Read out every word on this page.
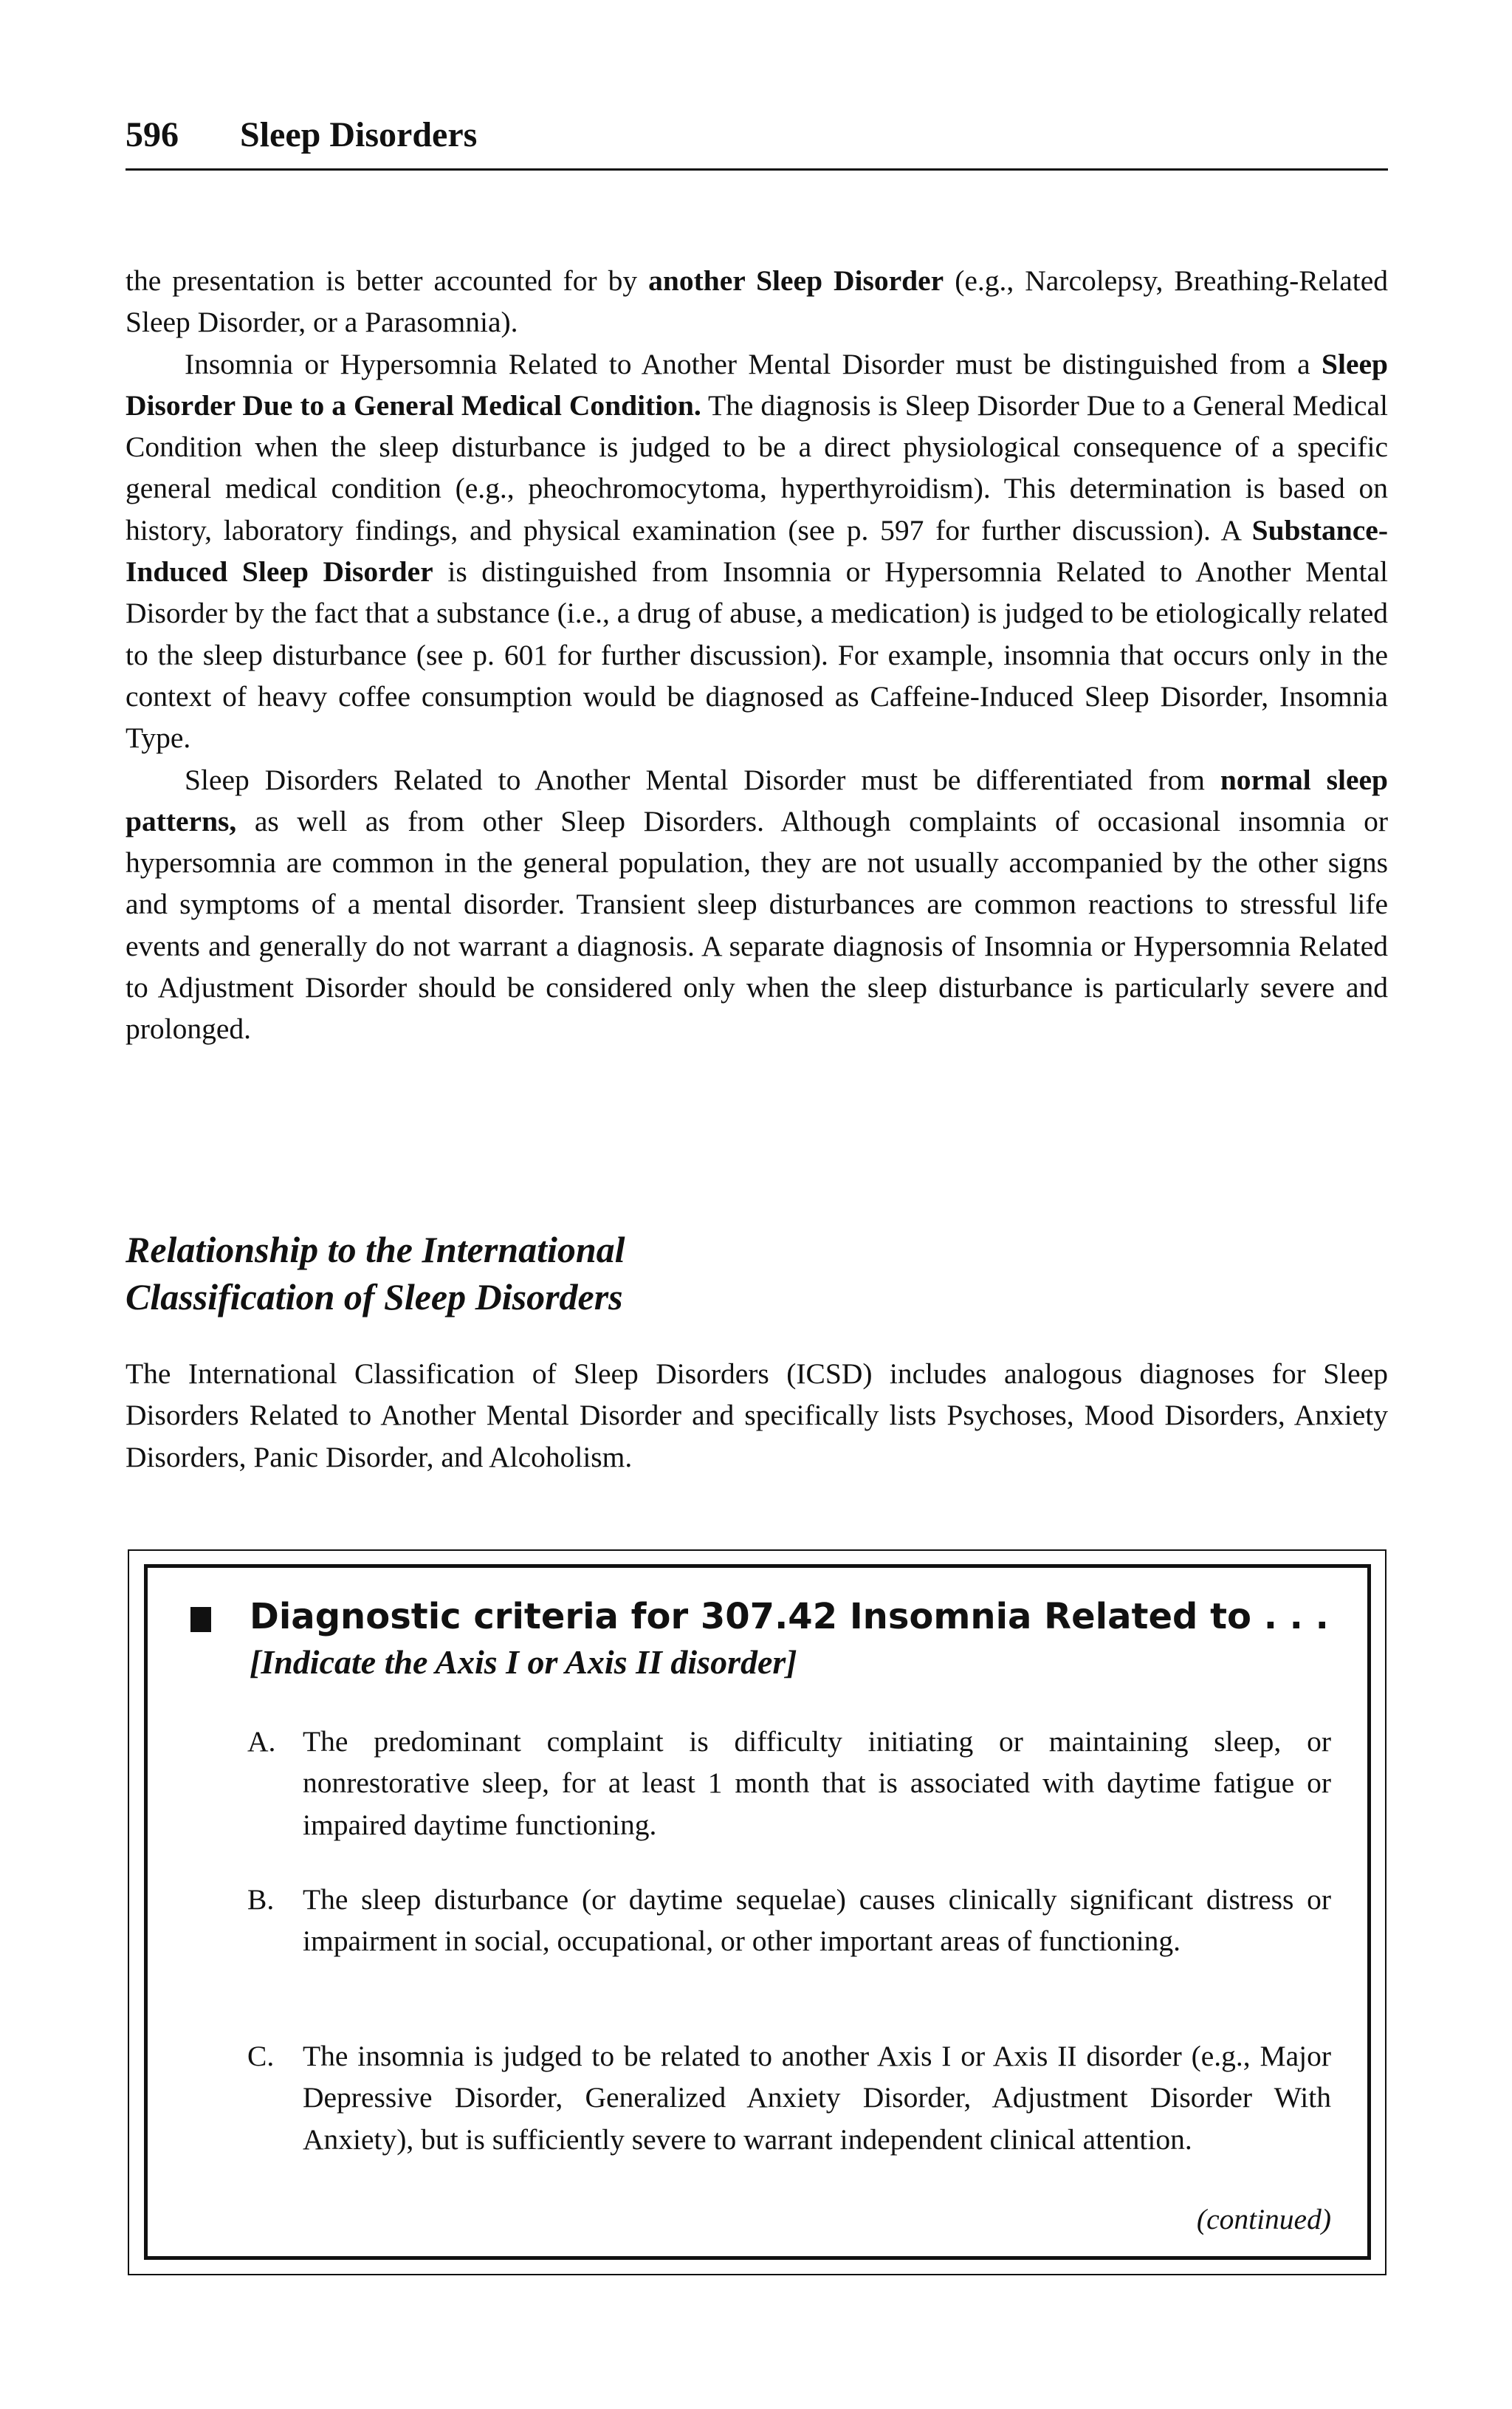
596 Sleep Disorders

the presentation is better accounted for by another Sleep Disorder (e.g., Narcolepsy, Breathing-Related Sleep Disorder, or a Parasomnia).

Insomnia or Hypersomnia Related to Another Mental Disorder must be distinguished from a Sleep Disorder Due to a General Medical Condition. The diagnosis is Sleep Disorder Due to a General Medical Condition when the sleep disturbance is judged to be a direct physiological consequence of a specific general medical condition (e.g., pheochromocytoma, hyperthyroidism). This determination is based on history, laboratory findings, and physical examination (see p. 597 for further discussion). A Substance-Induced Sleep Disorder is distinguished from Insomnia or Hypersomnia Related to Another Mental Disorder by the fact that a substance (i.e., a drug of abuse, a medication) is judged to be etiologically related to the sleep disturbance (see p. 601 for further discussion). For example, insomnia that occurs only in the context of heavy coffee consumption would be diagnosed as Caffeine-Induced Sleep Disorder, Insomnia Type.

Sleep Disorders Related to Another Mental Disorder must be differentiated from normal sleep patterns, as well as from other Sleep Disorders. Although complaints of occasional insomnia or hypersomnia are common in the general population, they are not usually accompanied by the other signs and symptoms of a mental disorder. Transient sleep disturbances are common reactions to stressful life events and generally do not warrant a diagnosis. A separate diagnosis of Insomnia or Hypersomnia Related to Adjustment Disorder should be considered only when the sleep disturbance is particularly severe and prolonged.

Relationship to the International
Classification of Sleep Disorders

The International Classification of Sleep Disorders (ICSD) includes analogous diagnoses for Sleep Disorders Related to Another Mental Disorder and specifically lists Psychoses, Mood Disorders, Anxiety Disorders, Panic Disorder, and Alcoholism.

Diagnostic criteria for 307.42 Insomnia Related to . . .
[Indicate the Axis I or Axis II disorder]
A. The predominant complaint is difficulty initiating or maintaining sleep, or nonrestorative sleep, for at least 1 month that is associated with daytime fatigue or impaired daytime functioning.
B. The sleep disturbance (or daytime sequelae) causes clinically significant distress or impairment in social, occupational, or other important areas of functioning.
C. The insomnia is judged to be related to another Axis I or Axis II disorder (e.g., Major Depressive Disorder, Generalized Anxiety Disorder, Adjustment Disorder With Anxiety), but is sufficiently severe to warrant independent clinical attention.
(continued)
